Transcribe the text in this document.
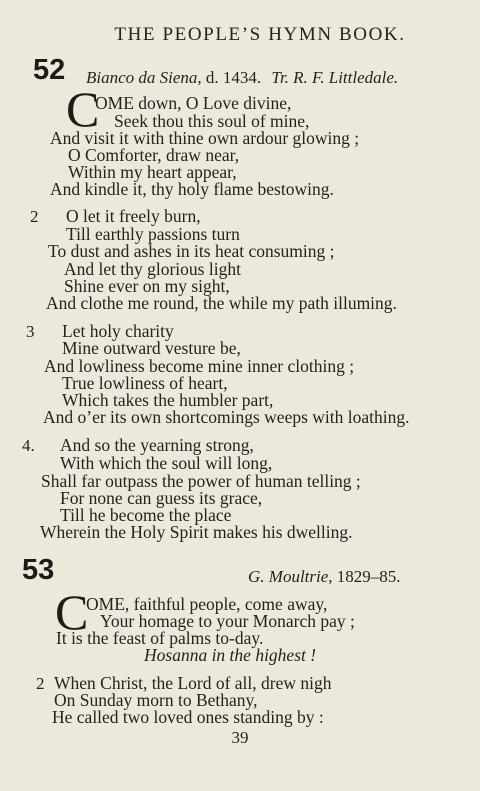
THE PEOPLE’S HYMN BOOK.
52 Bianco da Siena, d. 1434. Tr. R. F. Littledale.
C
OME down, O Love divine,
Seek thou this soul of mine,
And visit it with thine own ardour glowing ;
O Comforter, draw near,
Within my heart appear,
And kindle it, thy holy flame bestowing.
2 O let it freely burn,
Till earthly passions turn
To dust and ashes in its heat consuming ;
And let thy glorious light
Shine ever on my sight,
And clothe me round, the while my path illuming.
3 Let holy charity
Mine outward vesture be,
And lowliness become mine inner clothing ;
True lowliness of heart,
Which takes the humbler part,
And o’er its own shortcomings weeps with loathing.
4. And so the yearning strong,
With which the soul will long,
Shall far outpass the power of human telling ;
For none can guess its grace,
Till he become the place
Wherein the Holy Spirit makes his dwelling.
53	G. Moultrie, 1829–85.
C
OME, faithful people, come away,
Your homage to your Monarch pay ;
It is the feast of palms to-day.
Hosanna in the highest !
2 When Christ, the Lord of all, drew nigh
On Sunday morn to Bethany,
He called two loved ones standing by :
39
